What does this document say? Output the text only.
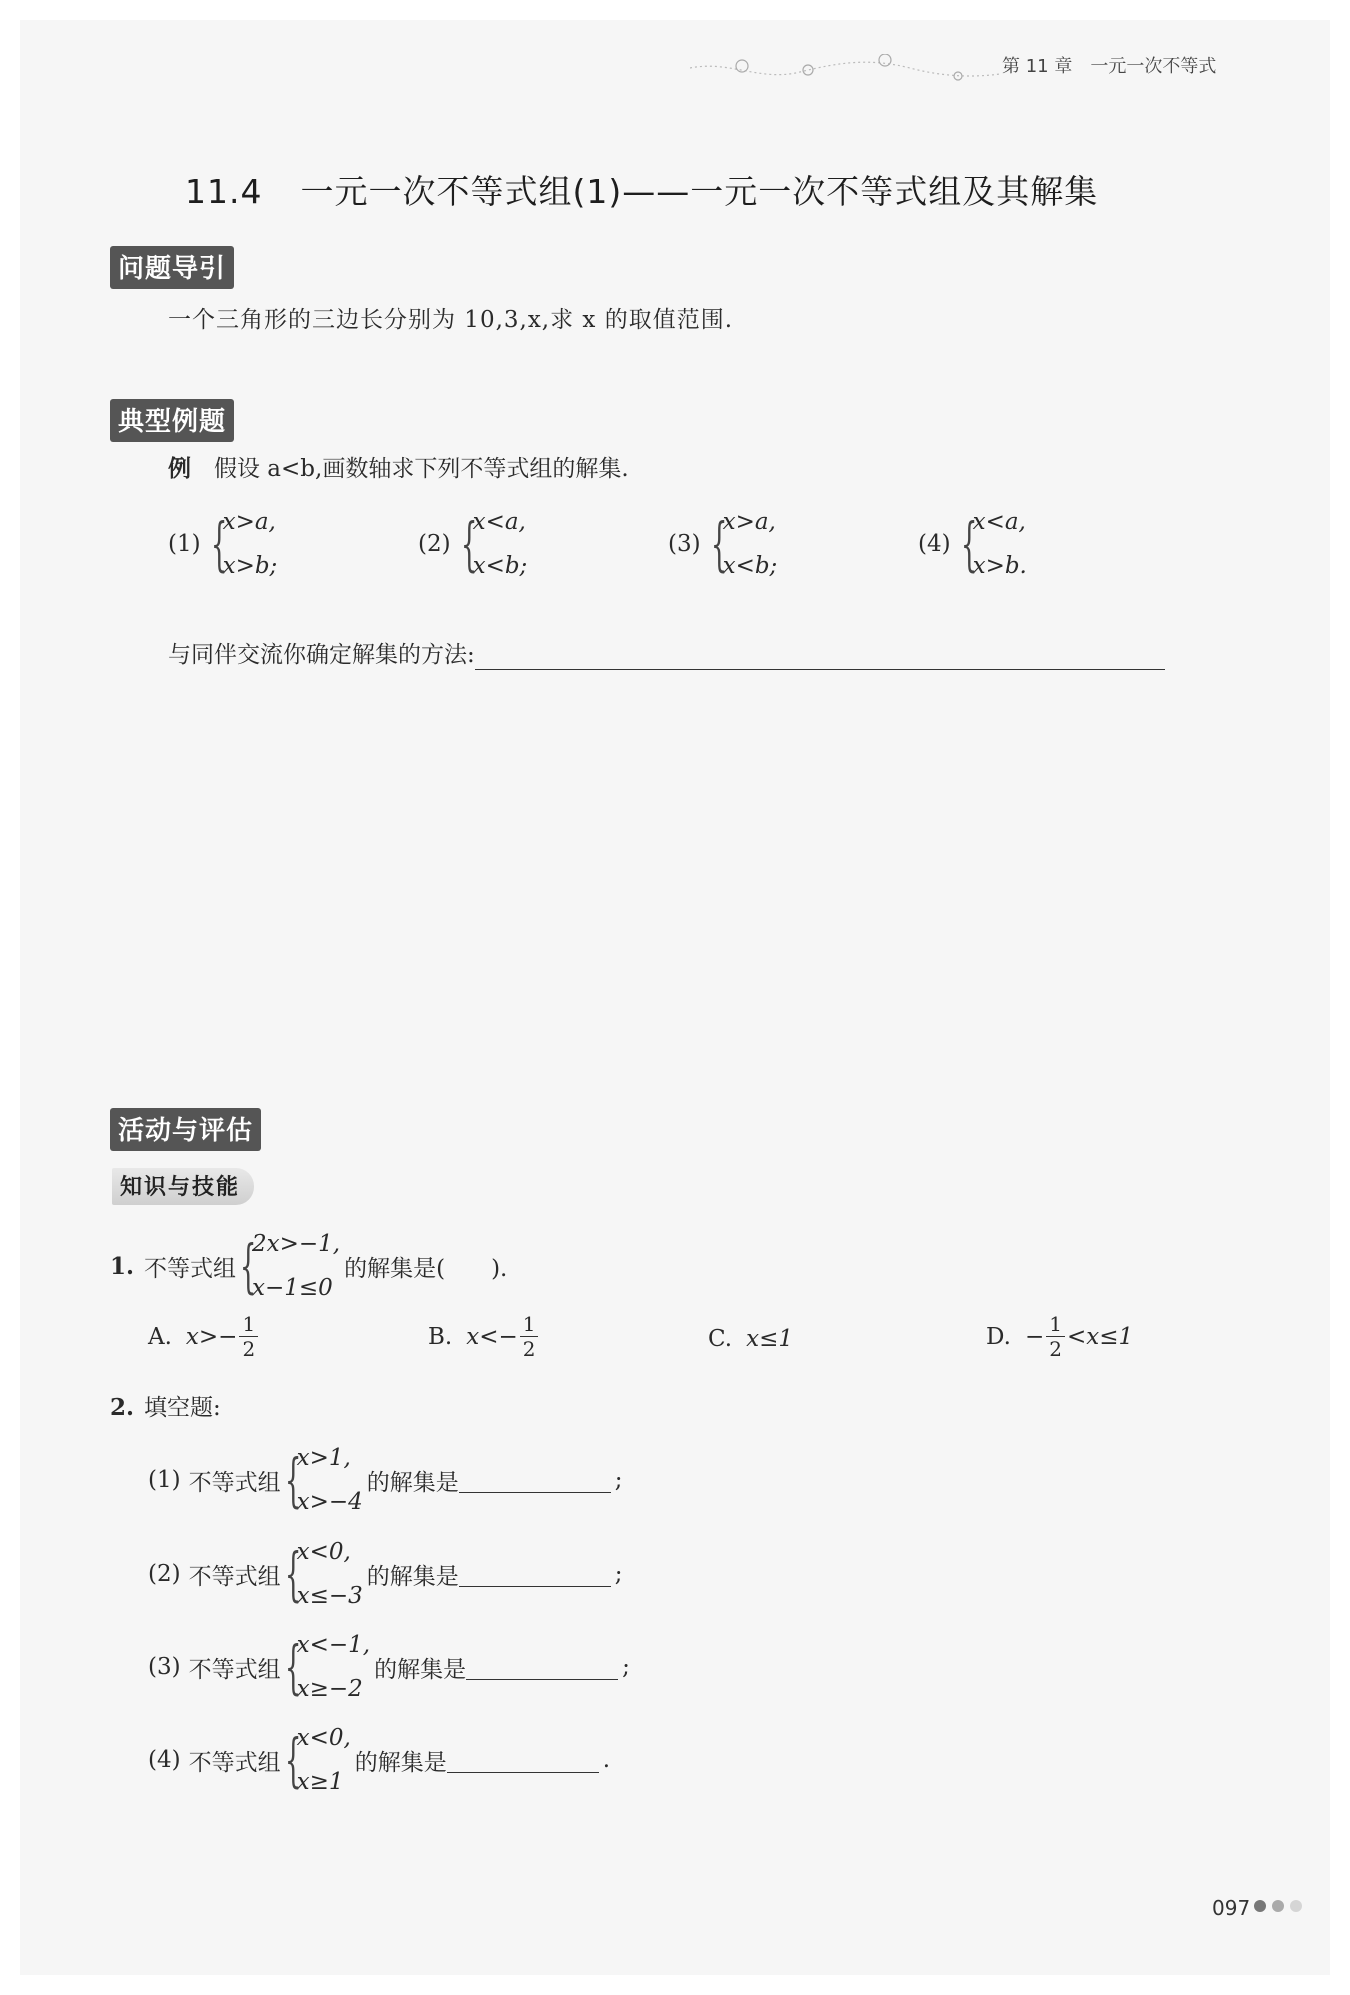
第 11 章　一元一次不等式
11.4 一元一次不等式组(1)——一元一次不等式组及其解集
问题导引
一个三角形的三边长分别为 10,3,x,求 x 的取值范围.
典型例题
例　 假设 a<b,画数轴求下列不等式组的解集.
(1) {
x>a,
x>b;
(2) {
x<a,
x<b;
(3) {
x>a,
x<b;
(4) {
x<a,
x>b.
与同伴交流你确定解集的方法:
活动与评估
知识与技能
1. 不等式组 {
2x>−1,
x−1≤0
的解集是(　　).
A. $x>- \frac{1}{2}$	B. $x<- \frac{1}{2}$	C. x≤1	D. − $\frac{1}{2} <x\le 1$
2. 填空题:
(1) 不等式组 {
x>1,
x>−4
的解集是	;
(2) 不等式组 {
x<0,
x≤−3
的解集是	;
(3) 不等式组 {
x<−1,
x≥−2
的解集是	;
(4) 不等式组 {
x<0,
x≥1
的解集是	.
097
